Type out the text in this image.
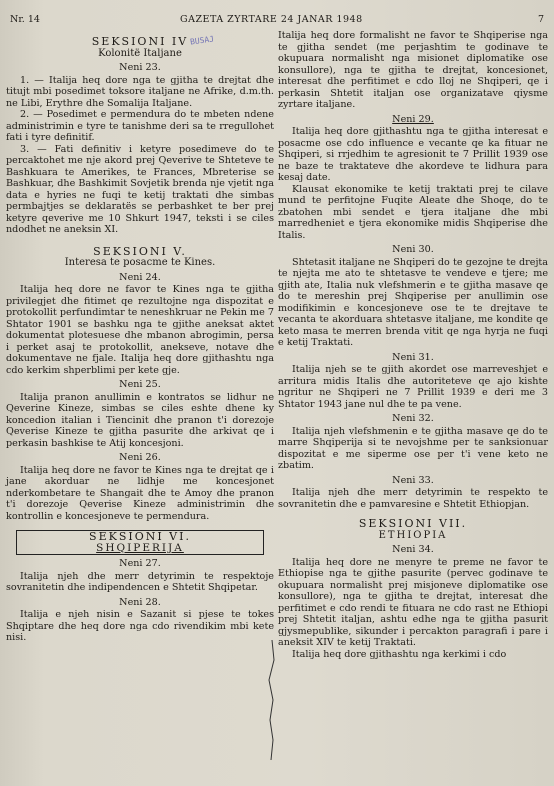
Nr. 14	GAZETA ZYRTARE 24 JANAR 1948	7
BUSAJ
SEKSIONI IV
Kolonitë Italjane
Neni 23.

1. — Italija heq dore nga te gjitha te drejtat dhe titujt mbi posedimet toksore italjane ne Afrike, d.m.th. ne Libi, Erythre dhe Somalija Italjane.

2. — Posedimet e permendura do te mbeten ndene administrimin e tyre te tanishme deri sa te rregullohet fati i tyre definitif.

3. — Fati definitiv i ketyre posedimeve do te percaktohet me nje akord prej Qeverive te Shteteve te Bashkuara te Amerikes, te Frances, Mbreterise se Bashkuar, dhe Bashkimit Sovjetik brenda nje vjetit nga data e hyries ne fuqi te ketij traktati dhe simbas permbajtjes se deklaratës se perbashket te ber prej ketyre qeverive me 10 Shkurt 1947, teksti i se ciles ndodhet ne aneksin XI.

SEKSIONI V.
Interesa te posacme te Kines.
Neni 24.

Italija heq dore ne favor te Kines nga te gjitha privilegjet dhe fitimet qe rezultojne nga dispozitat e protokollit perfundimtar te neneshkruar ne Pekin me 7 Shtator 1901 se bashku nga te gjithe aneksat aktet dokumentat plotesuese dhe mbanon abrogimin, persa i perket asaj te protokollit, anekseve, notave dhe dokumentave ne fjale. Italija heq dore gjithashtu nga cdo kerkim shperblimi per kete gje.

Neni 25.

Italija pranon anullimin e kontratos se lidhur ne Qeverine Kineze, simbas se ciles eshte dhene ky koncedion italian i Tiencinit dhe pranon t'i dorezoje Qeverise Kineze te gjitha pasurite dhe arkivat qe i perkasin bashkise te Atij koncesjoni.

Neni 26.

Italija heq dore ne favor te Kines nga te drejtat qe i jane akorduar ne lidhje me koncesjonet nderkombetare te Shangait dhe te Amoy dhe pranon t'i dorezoje Qeverise Kineze administrimin dhe kontrollin e koncesjoneve te permendura.

SEKSIONI VI.
SHQIPERIJA
Neni 27.

Italija njeh dhe merr detyrimin te respektoje sovranitetin dhe indipendencen e Shtetit Shqipetar.

Neni 28.

Italija e njeh nisin e Sazanit si pjese te tokes Shqiptare dhe heq dore nga cdo rivendikim mbi kete nisi.

Italija heq dore formalisht ne favor te Shqiperise nga te gjitha sendet (me perjashtim te godinave te okupuara normalisht nga misionet diplomatike ose konsullore), nga te gjitha te drejtat, koncesionet, interesat dhe perfitimet e cdo lloj ne Shqiperi, qe i perkasin Shtetit italjan ose organizatave qiysme zyrtare italjane.

Neni 29.

Italija heq dore gjithashtu nga te gjitha interesat e posacme ose cdo influence e vecante qe ka fituar ne Shqiperi, si rrjedhim te agresionit te 7 Prillit 1939 ose ne baze te traktateve dhe akordeve te lidhura para kesaj date.

Klausat ekonomike te ketij traktati prej te cilave mund te perfitojne Fuqite Aleate dhe Shoqe, do te zbatohen mbi sendet e tjera italjane dhe mbi marredheniet e tjera ekonomike midis Shqiperise dhe Italis.

Neni 30.

Shtetasit italjane ne Shqiperi do te gezojne te drejta te njejta me ato te shtetasve te vendeve e tjere; me gjith ate, Italia nuk vlefshmerin e te gjitha masave qe do te mereshin prej Shqiperise per anullimin ose modifikimin e koncesjoneve ose te te drejtave te vecanta te akorduara shtetasve italjane, me kondite qe keto masa te merren brenda vitit qe nga hyrja ne fuqi e ketij Traktati.

Neni 31.

Italija njeh se te gjith akordet ose marreveshjet e arritura midis Italis dhe autoriteteve qe ajo kishte ngritur ne Shqiperi ne 7 Prillit 1939 e deri me 3 Shtator 1943 jane nul dhe te pa vene.

Neni 32.

Italija njeh vlefshmenin e te gjitha masave qe do te marre Shqiperija si te nevojshme per te sanksionuar dispozitat e me siperme ose per t'i vene keto ne zbatim.

Neni 33.

Italija njeh dhe merr detyrimin te respekto te sovranitetin dhe e pamvaresine e Shtetit Ethiopjan.

SEKSIONI VII.
ETHIOPIA
Neni 34.

Italija heq dore ne menyre te preme ne favor te Ethiopise nga te gjithe pasurite (pervec godinave te okupuara normalisht prej misjoneve diplomatike ose konsullore), nga te gjitha te drejtat, interesat dhe perfitimet e cdo rendi te fituara ne cdo rast ne Ethiopi prej Shtetit italjan, ashtu edhe nga te gjitha pasurit gjysmepublike, sikunder i percakton paragrafi i pare i aneksit XIV te ketij Traktati.

Italija heq dore gjithashtu nga kerkimi i cdo
